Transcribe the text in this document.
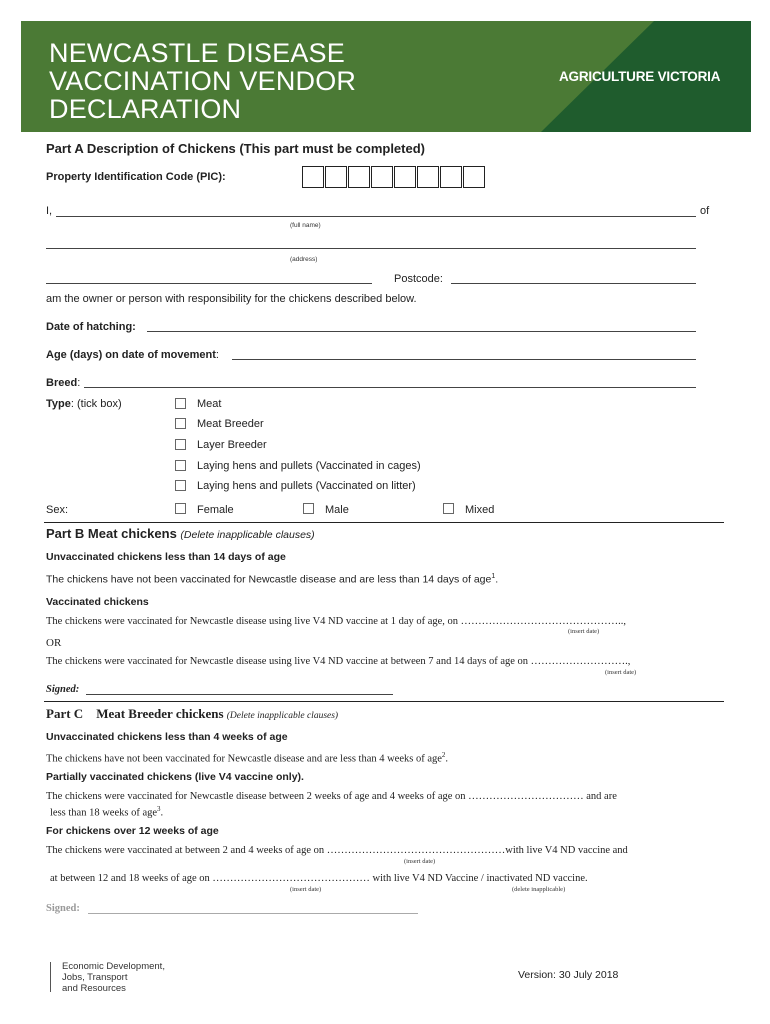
NEWCASTLE DISEASE VACCINATION VENDOR DECLARATION
AGRICULTURE VICTORIA
Part A Description of Chickens (This part must be completed)
Property Identification Code (PIC):
I,	of
(full name)
(address)
Postcode:
am the owner or person with responsibility for the chickens described below.
Date of hatching:
Age (days) on date of movement:
Breed:
Type: (tick box)	Meat
Meat Breeder
Layer Breeder
Laying hens and pullets (Vaccinated in cages)
Laying hens and pullets (Vaccinated on litter)
Sex:	Female	Male	Mixed
Part B Meat chickens (Delete inapplicable clauses)
Unvaccinated chickens less than 14 days of age
The chickens have not been vaccinated for Newcastle disease and are less than 14 days of age$^1$.
Vaccinated chickens
The chickens were vaccinated for Newcastle disease using live V4 ND vaccine at 1 day of age, on ………………………………………..,
(insert date)
OR
The chickens were vaccinated for Newcastle disease using live V4 ND vaccine at between 7 and 14 days of age on ……………………….,
(insert date)
Signed:
Part C Meat Breeder chickens (Delete inapplicable clauses)
Unvaccinated chickens less than 4 weeks of age
The chickens have not been vaccinated for Newcastle disease and are less than 4 weeks of age$^2$.
Partially vaccinated chickens (live V4 vaccine only).
The chickens were vaccinated for Newcastle disease between 2 weeks of age and 4 weeks of age on …………………………… and are
less than 18 weeks of age$^3$.
For chickens over 12 weeks of age
The chickens were vaccinated at between 2 and 4 weeks of age on ……………………………………………with live V4 ND vaccine and
(insert date)
at between 12 and 18 weeks of age on ……………………………………… with live V4 ND Vaccine / inactivated ND vaccine.
(insert date)	(delete inapplicable)
Signed:
Economic Development,
Jobs, Transport
and Resources
Version: 30 July 2018
